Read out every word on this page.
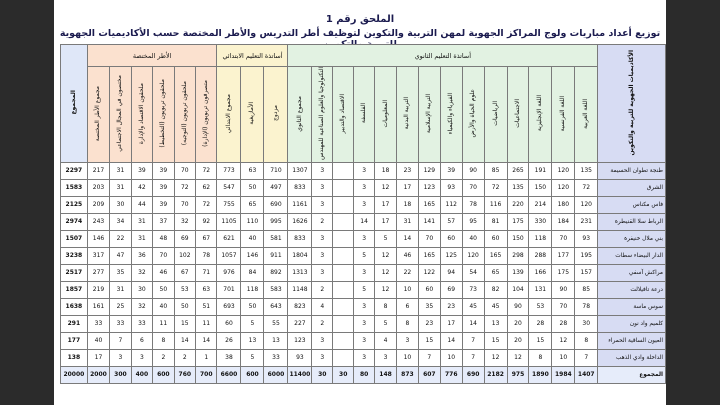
الملحق رقم 1
توزيع أعداد مباريات ولوج المراكز الجهوية لمهن التربية والتكوين لتوظيف أطر التدريس والأطر المختصة حسب الأكاديميات الجهوية
الأكاديميات الجهوية للتربية والتكوين	أساتذة التعليم الثانوي														أساتذة التعليم الابتدائي			الأطر المختصة						المجموع
	اللغة العربية	اللغة الفرنسية	اللغة الإنجليزية	الاجتماعيات	الرياضيات	علوم الحياة والأرض	الفيزياء والكيمياء	التربية الإسلامية	التربية البدنية	المعلوميات	الفلسفة	الاقتصاد والتدبير	التكنولوجيا والعلوم الصناعية للمهندس	مجموع الثانوي	مزدوج	الأمازيغية	مجموع الابتدائي	متصرفون تربويون (الإدارة)	ملحقون تربويون (التوجيه)	ملحقون تربويون (التخطيط)	ملحقون الاقتصاد والإدارة	مختصون في المجال الاجتماعي	مجموع الأطر المختصة	
طنجة تطوان الحسيمة	135	120	191	265	85	90	39	129	23	18	3		3	1307	710	63	773	72	70	39	39	31	217	2297
الشرق	72	120	150	135	72	70	93	123	17	12	3		3	833	497	50	547	62	72	39	42	31	203	1583
فاس مكناس	120	180	214	220	116	78	112	165	18	17	3		3	1161	690	65	755	72	70	39	44	30	209	2125
الرباط سلا القنيطرة	231	184	330	175	81	95	57	141	31	17	14		2	1626	995	110	1105	92	32	37	31	34	243	2974
بني ملال خنيفرة	93	70	118	150	60	40	60	70	14	5	3		3	833	581	40	621	67	69	48	31	22	146	1507
الدار البيضاء سطات	195	177	288	298	165	120	125	165	46	12	5		3	1804	911	146	1057	78	102	70	36	47	317	3238
مراكش آسفي	157	175	166	139	65	54	94	122	22	12	3		3	1313	892	84	976	71	67	46	32	35	277	2517
درعة تافيلالت	85	90	131	104	82	73	69	60	10	12	5		2	1148	583	118	701	63	53	50	30	31	219	1857
سوس ماسة	78	70	53	90	45	45	23	35	6	8	3		4	823	643	50	693	51	50	40	32	25	161	1638
كلميم واد نون	30	28	28	20	13	14	17	23	8	5	3		2	227	55	5	60	11	15	11	33	33	33	291
العيون الساقية الحمراء	8	12	15	20	15	7	14	15	3	4	3		3	123	13	13	26	14	14	8	6	7	40	177
الداخلة وادي الذهب	7	10	8	12	12	7	10	7	10	3	3		3	93	33	5	38	1	2	2	3	3	17	138
المجموع	1407	1984	1890	975	2182	690	776	607	873	148	80	30	30	11400	6000	600	6600	700	760	600	400	300	2000	20000
